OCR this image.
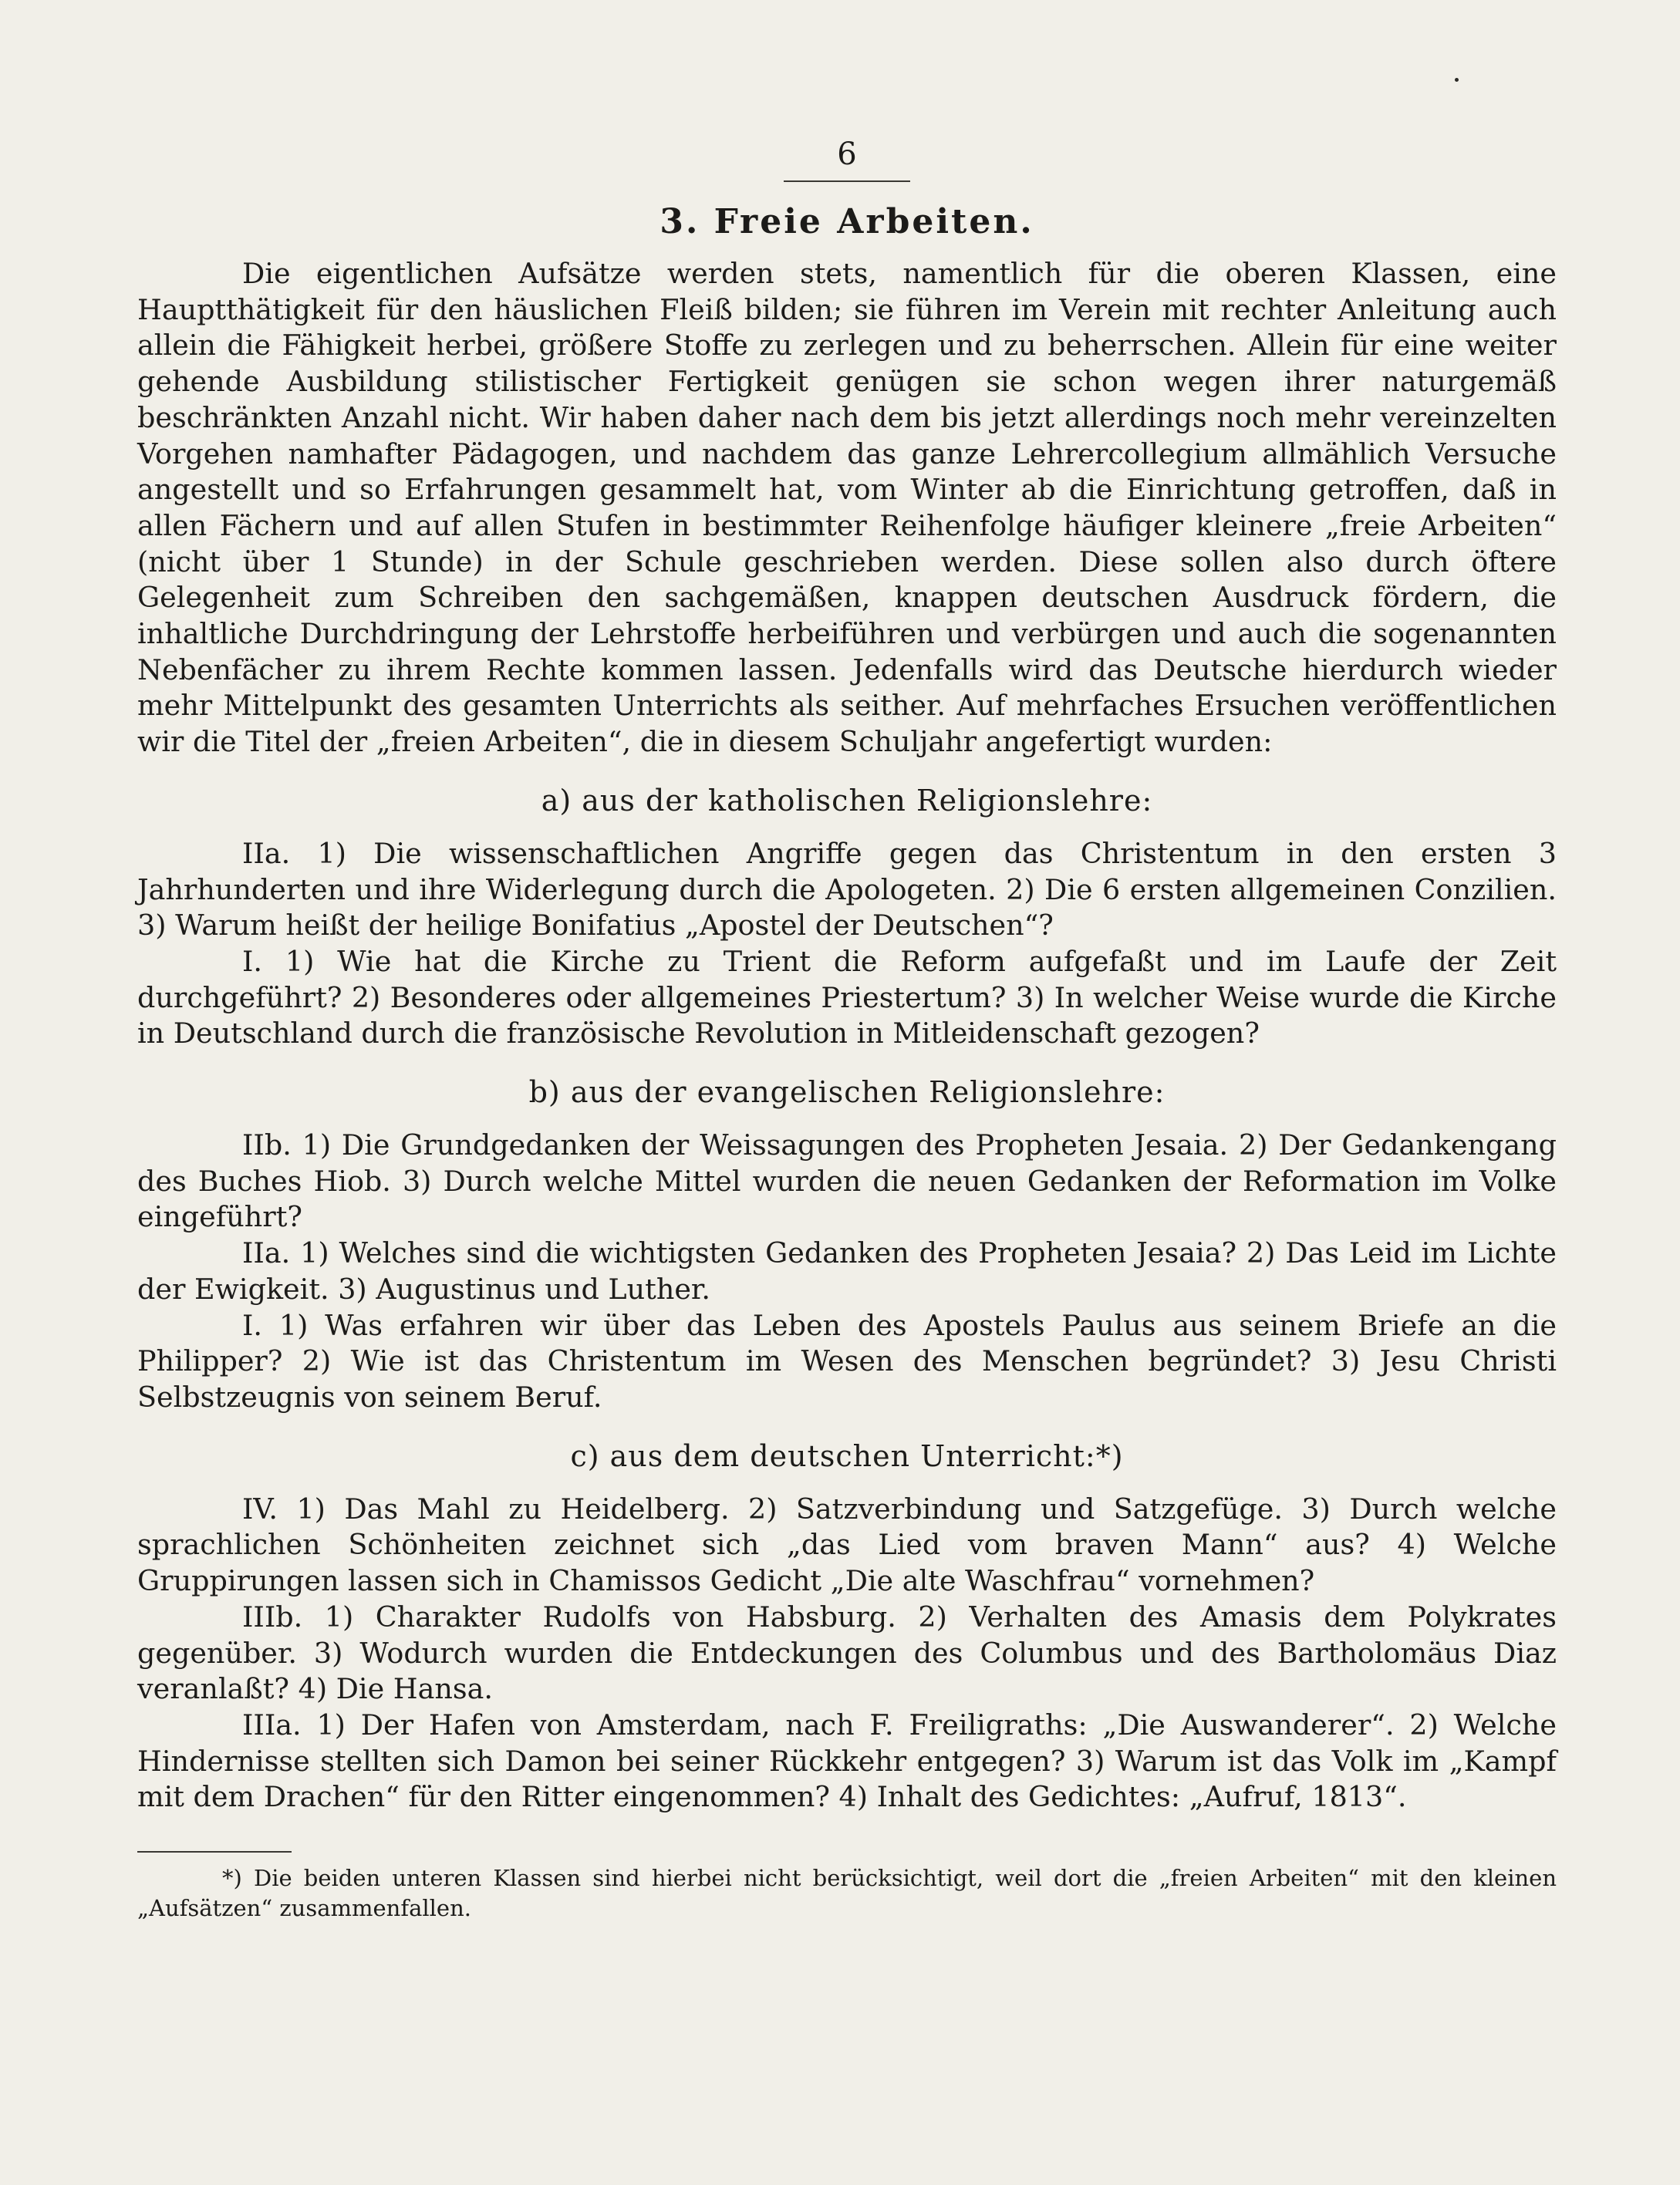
6
3. Freie Arbeiten.

Die eigentlichen Aufsätze werden stets, namentlich für die oberen Klassen, eine Hauptthätigkeit für den häuslichen Fleiß bilden; sie führen im Verein mit rechter Anleitung auch allein die Fähigkeit herbei, größere Stoffe zu zerlegen und zu beherrschen. Allein für eine weiter gehende Ausbildung stilistischer Fertigkeit genügen sie schon wegen ihrer naturgemäß beschränkten Anzahl nicht. Wir haben daher nach dem bis jetzt allerdings noch mehr vereinzelten Vorgehen namhafter Pädagogen, und nachdem das ganze Lehrercollegium allmählich Versuche angestellt und so Erfahrungen gesammelt hat, vom Winter ab die Einrichtung getroffen, daß in allen Fächern und auf allen Stufen in bestimmter Reihenfolge häufiger kleinere „freie Arbeiten“ (nicht über 1 Stunde) in der Schule geschrieben werden. Diese sollen also durch öftere Gelegenheit zum Schreiben den sachgemäßen, knappen deutschen Ausdruck fördern, die inhaltliche Durchdringung der Lehrstoffe herbeiführen und verbürgen und auch die sogenannten Nebenfächer zu ihrem Rechte kommen lassen. Jedenfalls wird das Deutsche hierdurch wieder mehr Mittelpunkt des gesamten Unterrichts als seither. Auf mehrfaches Ersuchen veröffentlichen wir die Titel der „freien Arbeiten“, die in diesem Schuljahr angefertigt wurden:

a) aus der katholischen Religionslehre:

IIa. 1) Die wissenschaftlichen Angriffe gegen das Christentum in den ersten 3 Jahrhunderten und ihre Widerlegung durch die Apologeten. 2) Die 6 ersten allgemeinen Conzilien. 3) Warum heißt der heilige Bonifatius „Apostel der Deutschen“?

I. 1) Wie hat die Kirche zu Trient die Reform aufgefaßt und im Laufe der Zeit durchgeführt? 2) Besonderes oder allgemeines Priestertum? 3) In welcher Weise wurde die Kirche in Deutschland durch die französische Revolution in Mitleidenschaft gezogen?

b) aus der evangelischen Religionslehre:

IIb. 1) Die Grundgedanken der Weissagungen des Propheten Jesaia. 2) Der Gedankengang des Buches Hiob. 3) Durch welche Mittel wurden die neuen Gedanken der Reformation im Volke eingeführt?

IIa. 1) Welches sind die wichtigsten Gedanken des Propheten Jesaia? 2) Das Leid im Lichte der Ewigkeit. 3) Augustinus und Luther.

I. 1) Was erfahren wir über das Leben des Apostels Paulus aus seinem Briefe an die Philipper? 2) Wie ist das Christentum im Wesen des Menschen begründet? 3) Jesu Christi Selbstzeugnis von seinem Beruf.

c) aus dem deutschen Unterricht:*)

IV. 1) Das Mahl zu Heidelberg. 2) Satzverbindung und Satzgefüge. 3) Durch welche sprachlichen Schönheiten zeichnet sich „das Lied vom braven Mann“ aus? 4) Welche Gruppirungen lassen sich in Chamissos Gedicht „Die alte Waschfrau“ vornehmen?

IIIb. 1) Charakter Rudolfs von Habsburg. 2) Verhalten des Amasis dem Polykrates gegenüber. 3) Wodurch wurden die Entdeckungen des Columbus und des Bartholomäus Diaz veranlaßt? 4) Die Hansa.

IIIa. 1) Der Hafen von Amsterdam, nach F. Freiligraths: „Die Auswanderer“. 2) Welche Hindernisse stellten sich Damon bei seiner Rückkehr entgegen? 3) Warum ist das Volk im „Kampf mit dem Drachen“ für den Ritter eingenommen? 4) Inhalt des Gedichtes: „Aufruf, 1813“.

*) Die beiden unteren Klassen sind hierbei nicht berücksichtigt, weil dort die „freien Arbeiten“ mit den kleinen „Aufsätzen“ zusammenfallen.
